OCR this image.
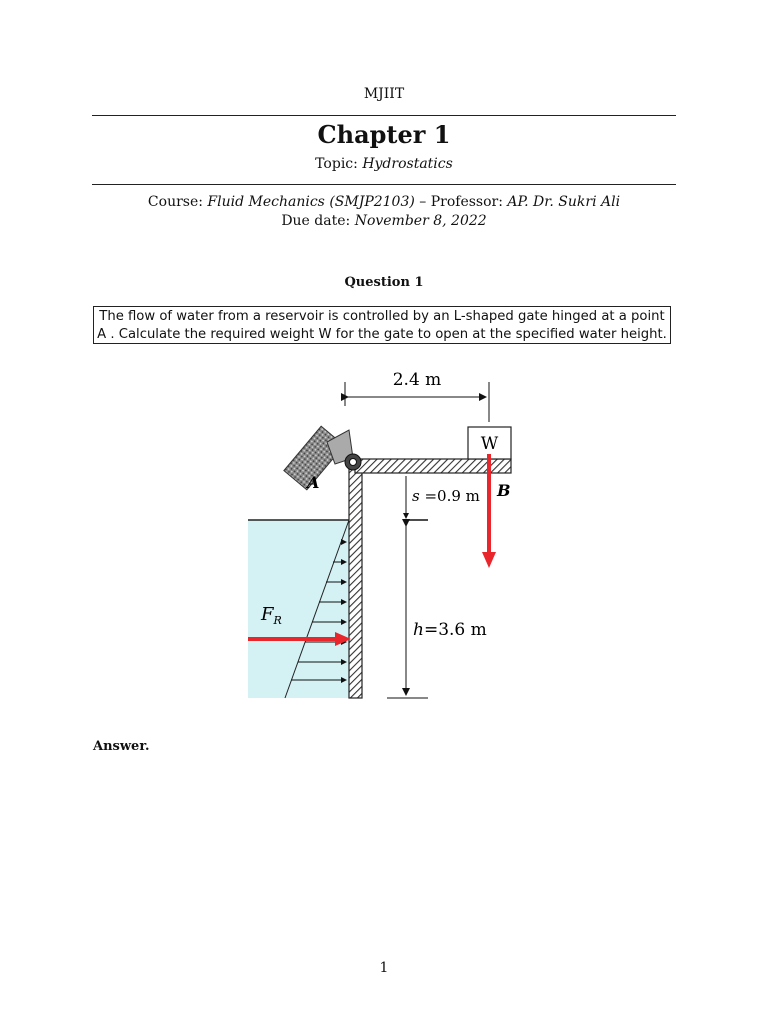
MJIIT
Chapter 1
Topic: Hydrostatics
Course: Fluid Mechanics (SMJP2103) – Professor: AP. Dr. Sukri Ali
Due date: November 8, 2022
Question 1
The flow of water from a reservoir is controlled by an L-shaped gate hinged at a point
A . Calculate the required weight W for the gate to open at the specified water height.
W
2.4 m
A	B
s =0.9 m
h=3.6 m
$F_R$
Answer.
1
